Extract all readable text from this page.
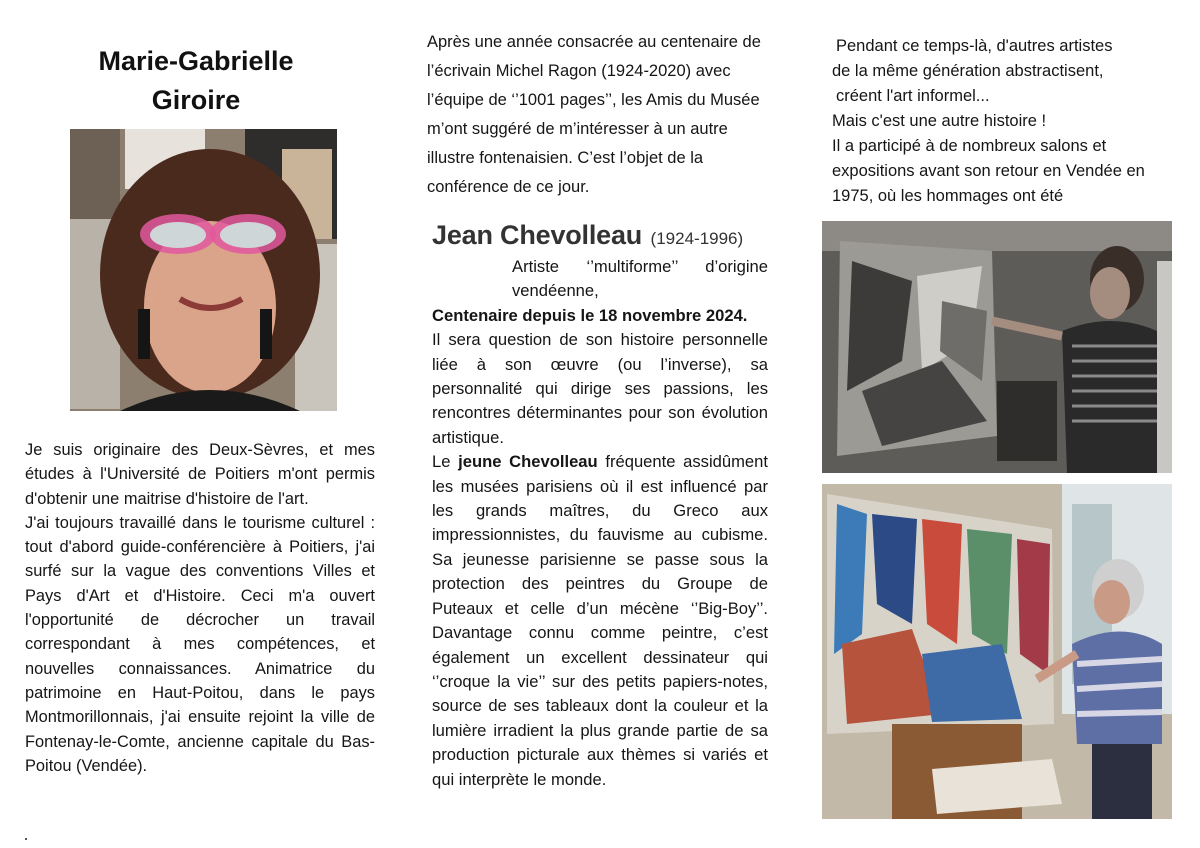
Marie-Gabrielle
Giroire

Je suis originaire des Deux-Sèvres, et mes études à l'Université de Poitiers m'ont permis d'obtenir une maitrise d'histoire de l'art.

J'ai toujours travaillé dans le tourisme culturel : tout d'abord guide-conférencière à Poitiers, j'ai surfé sur la vague des conventions Villes et Pays d'Art et d'Histoire. Ceci m'a ouvert l'opportunité de décrocher un travail correspondant à mes compétences, et nouvelles connaissances. Animatrice du patrimoine en Haut-Poitou, dans le pays Montmorillonnais, j'ai ensuite rejoint la ville de Fontenay-le-Comte, ancienne capitale du Bas-Poitou (Vendée).

Après une année consacrée au centenaire de l’écrivain Michel Ragon (1924-2020) avec l’équipe de ‘’1001 pages’’, les Amis du Musée m’ont suggéré de m’intéresser à un autre illustre fontenaisien. C’est l’objet de la conférence de ce jour.
Jean Chevolleau (1924-1996)

Artiste ‘’multiforme’’ d’origine vendéenne,

Centenaire depuis le 18 novembre 2024.

Il sera question de son histoire personnelle liée à son œuvre (ou l’inverse), sa personnalité qui dirige ses passions, les rencontres déterminantes pour son évolution artistique.

Le jeune Chevolleau fréquente assidûment les musées parisiens où il est influencé par les grands maîtres, du Greco aux impressionnistes, du fauvisme au cubisme. Sa jeunesse parisienne se passe sous la protection des peintres du Groupe de Puteaux et celle d’un mécène ‘’Big-Boy’’. Davantage connu comme peintre, c’est également un excellent dessinateur qui ‘’croque la vie’’ sur des petits papiers-notes, source de ses tableaux dont la couleur et la lumière irradient la plus grande partie de sa production picturale aux thèmes si variés et qui interprète le monde.

Pendant ce temps-là, d'autres artistes

de la même génération abstractisent,

créent l'art informel...

Mais c'est une autre histoire !

Il a participé à de nombreux salons et expositions avant son retour en Vendée en 1975, où les hommages ont été
